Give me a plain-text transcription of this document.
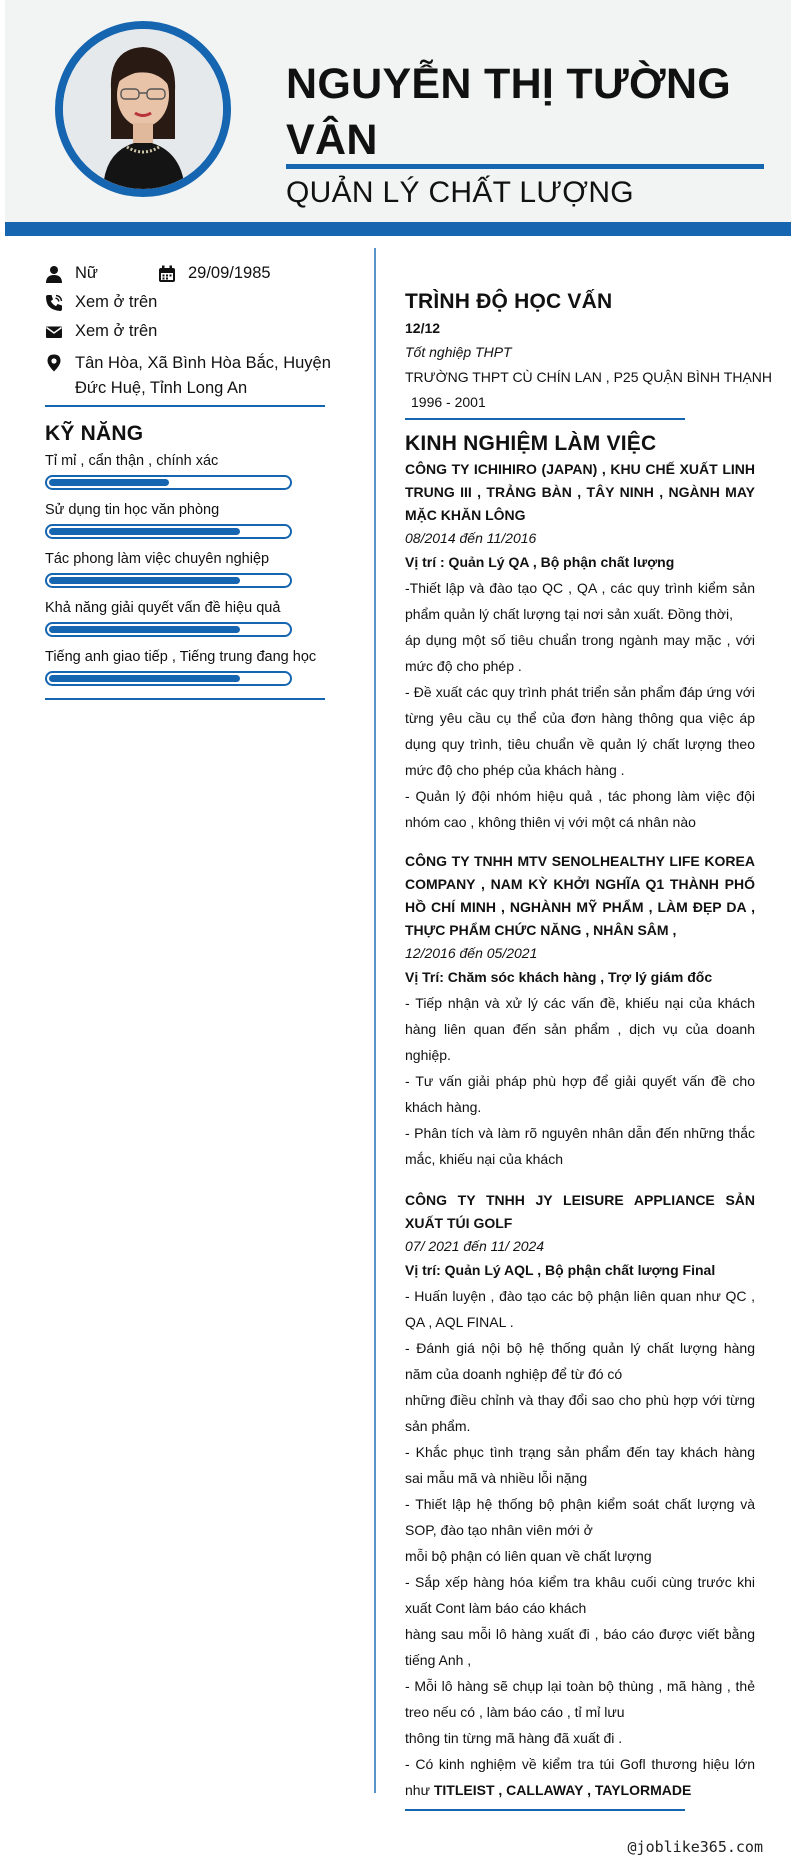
NGUYỄN THỊ TƯỜNG VÂN
QUẢN LÝ CHẤT LƯỢNG
Nữ	29/09/1985
Xem ở trên
Xem ở trên
Tân Hòa, Xã Bình Hòa Bắc, Huyện Đức Huệ, Tỉnh Long An
KỸ NĂNG
Tỉ mỉ , cẩn thận , chính xác
Sử dụng tin học văn phòng
Tác phong làm việc chuyên nghiệp
Khả năng giải quyết vấn đề hiệu quả
Tiếng anh giao tiếp , Tiếng trung đang học
TRÌNH ĐỘ HỌC VẤN
12/12
Tốt nghiệp THPT
TRƯỜNG THPT CÙ CHÍN LAN , P25 QUẬN BÌNH THẠNH
1996 - 2001
KINH NGHIỆM LÀM VIỆC
CÔNG TY ICHIHIRO (JAPAN) , KHU CHẾ XUẤT LINH TRUNG III , TRẢNG BÀN , TÂY NINH , NGÀNH MAY MẶC KHĂN LÔNG
08/2014 đến 11/2016
Vị trí : Quản Lý QA , Bộ phận chất lượng

-Thiết lập và đào tạo QC , QA , các quy trình kiểm sản phẩm quản lý chất lượng tại nơi sản xuất. Đồng thời,

áp dụng một số tiêu chuẩn trong ngành may mặc , với mức độ cho phép .

- Đề xuất các quy trình phát triển sản phẩm đáp ứng với từng yêu cầu cụ thể của đơn hàng thông qua việc áp dụng quy trình, tiêu chuẩn về quản lý chất lượng theo mức độ cho phép của khách hàng .

- Quản lý đội nhóm hiệu quả , tác phong làm việc đội nhóm cao , không thiên vị với một cá nhân nào

CÔNG TY TNHH MTV SENOLHEALTHY LIFE KOREA COMPANY , NAM KỲ KHỞI NGHĨA Q1 THÀNH PHỐ HỒ CHÍ MINH , NGHÀNH MỸ PHẨM , LÀM ĐẸP DA , THỰC PHẨM CHỨC NĂNG , NHÂN SÂM ,
12/2016 đến 05/2021
Vị Trí: Chăm sóc khách hàng , Trợ lý giám đốc

- Tiếp nhận và xử lý các vấn đề, khiếu nại của khách hàng liên quan đến sản phẩm , dịch vụ của doanh nghiệp.

- Tư vấn giải pháp phù hợp để giải quyết vấn đề cho khách hàng.

- Phân tích và làm rõ nguyên nhân dẫn đến những thắc mắc, khiếu nại của khách

CÔNG TY TNHH JY LEISURE APPLIANCE SẢN XUẤT TÚI GOLF
07/ 2021 đến 11/ 2024
Vị trí: Quản Lý AQL , Bộ phận chất lượng Final

- Huấn luyện , đào tạo các bộ phận liên quan như QC , QA , AQL FINAL .

- Đánh giá nội bộ hệ thống quản lý chất lượng hàng năm của doanh nghiệp để từ đó có

những điều chỉnh và thay đổi sao cho phù hợp với từng sản phẩm.

- Khắc phục tình trạng sản phẩm đến tay khách hàng sai mẫu mã và nhiều lỗi nặng

- Thiết lập hệ thống bộ phận kiểm soát chất lượng và SOP, đào tạo nhân viên mới ở

mỗi bộ phận có liên quan về chất lượng

- Sắp xếp hàng hóa kiểm tra khâu cuối cùng trước khi xuất Cont làm báo cáo khách

hàng sau mỗi lô hàng xuất đi , báo cáo được viết bằng tiếng Anh ,

- Mỗi lô hàng sẽ chụp lại toàn bộ thùng , mã hàng , thẻ treo nếu có , làm báo cáo , tỉ mỉ lưu

thông tin từng mã hàng đã xuất đi .

- Có kinh nghiệm về kiểm tra túi Gofl thương hiệu lớn như TITLEIST , CALLAWAY , TAYLORMADE

@joblike365.com
